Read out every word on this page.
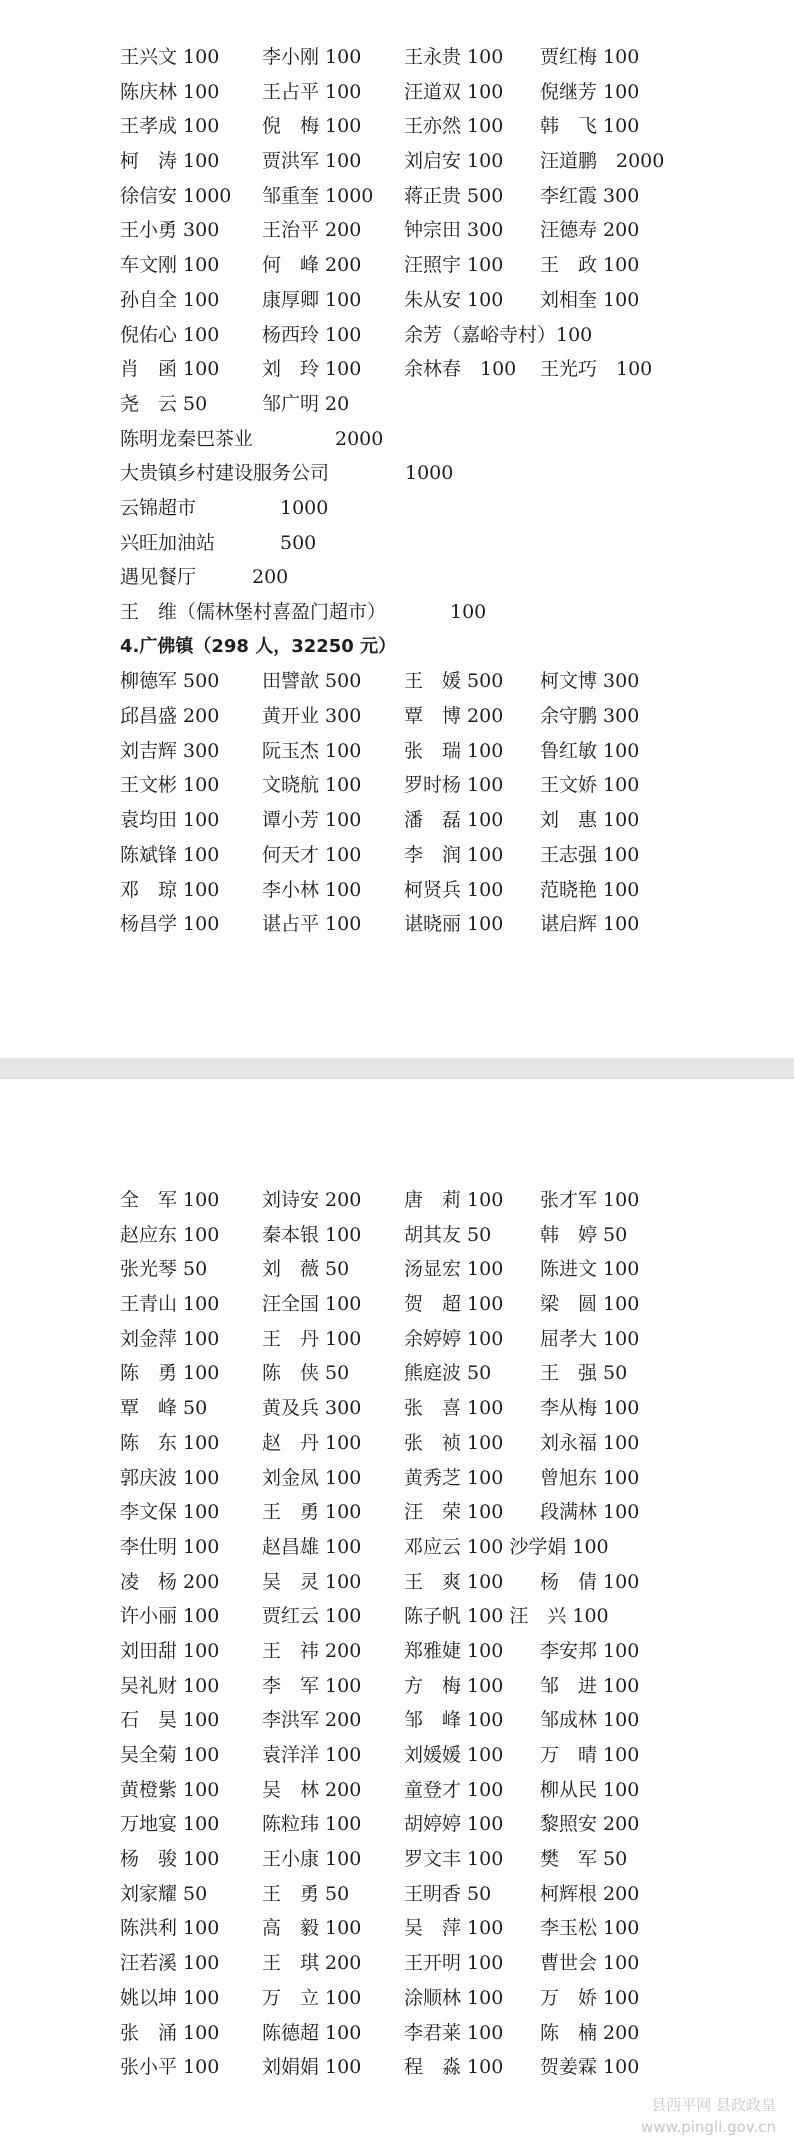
王兴文 100 李小刚 100 王永贵 100 贾红梅 100
陈庆林 100 王占平 100 汪道双 100 倪继芳 100
王孝成 100 倪　梅 100 王亦然 100 韩　飞 100
柯　涛 100 贾洪军 100 刘启安 100 汪道鹏　2000
徐信安 1000 邹重奎 1000 蒋正贵 500 李红霞 300
王小勇 300 王治平 200 钟宗田 300 汪德寿 200
车文刚 100 何　峰 200 汪照宇 100 王　政 100
孙自全 100 康厚卿 100 朱从安 100 刘相奎 100
倪佑心 100 杨西玲 100 余芳（嘉峪寺村）100
肖　函 100 刘　玲 100 余林春　100 王光巧　100
尧　云 50	邹广明 20
陈明龙秦巴茶业	2000
大贵镇乡村建设服务公司	1000
云锦超市	1000
兴旺加油站	500
遇见餐厅	200
王　维（儒林堡村喜盈门超市）	100
4.广佛镇（298 人，32250 元）
柳德军 500 田譬歆 500 王　媛 500 柯文博 300
邱昌盛 200 黄开业 300 覃　博 200 余守鹏 300
刘吉辉 300 阮玉杰 100 张　瑞 100 鲁红敏 100
王文彬 100 文晓航 100 罗时杨 100 王文娇 100
袁均田 100 谭小芳 100 潘　磊 100 刘　惠 100
陈斌锋 100 何天才 100 李　润 100 王志强 100
邓　琼 100 李小林 100 柯贤兵 100 范晓艳 100
杨昌学 100 谌占平 100 谌晓丽 100 谌启辉 100
全　军 100 刘诗安 200 唐　莉 100 张才军 100
赵应东 100 秦本银 100 胡其友 50	韩　婷 50
张光琴 50	刘　薇 50	汤显宏 100 陈进文 100
王青山 100 汪全国 100 贺　超 100 梁　圆 100
刘金萍 100 王　丹 100 余婷婷 100 屈孝大 100
陈　勇 100 陈　侠 50	熊庭波 50	王　强 50
覃　峰 50	黄及兵 300 张　喜 100 李从梅 100
陈　东 100 赵　丹 100 张　祯 100 刘永福 100
郭庆波 100 刘金凤 100 黄秀芝 100 曾旭东 100
李文保 100 王　勇 100 汪　荣 100 段满林 100
李仕明 100 赵昌雄 100 邓应云 100 沙学娟 100
凌　杨 200 吴　灵 100 王　爽 100 杨　倩 100
许小丽 100 贾红云 100 陈子帆 100 汪　兴 100
刘田甜 100 王　祎 200 郑雅婕 100 李安邦 100
吴礼财 100 李　军 100 方　梅 100 邹　进 100
石　昊 100 李洪军 200 邹　峰 100 邹成林 100
吴全菊 100 袁洋洋 100 刘媛媛 100 万　晴 100
黄橙紫 100 吴　林 200 童登才 100 柳从民 100
万地宴 100 陈粒玮 100 胡婷婷 100 黎照安 200
杨　骏 100 王小康 100 罗文丰 100 樊　军 50
刘家耀 50	王　勇 50	王明香 50	柯辉根 200
陈洪利 100 高　毅 100 吴　萍 100 李玉松 100
汪若溪 100 王　琪 200 王开明 100 曹世会 100
姚以坤 100 万　立 100 涂顺林 100 万　娇 100
张　涌 100 陈德超 100 李君莱 100 陈　楠 200
张小平 100 刘娟娟 100 程　淼 100 贺姜霖 100
县西平网 县政政皇
www.pingli.gov.cn
